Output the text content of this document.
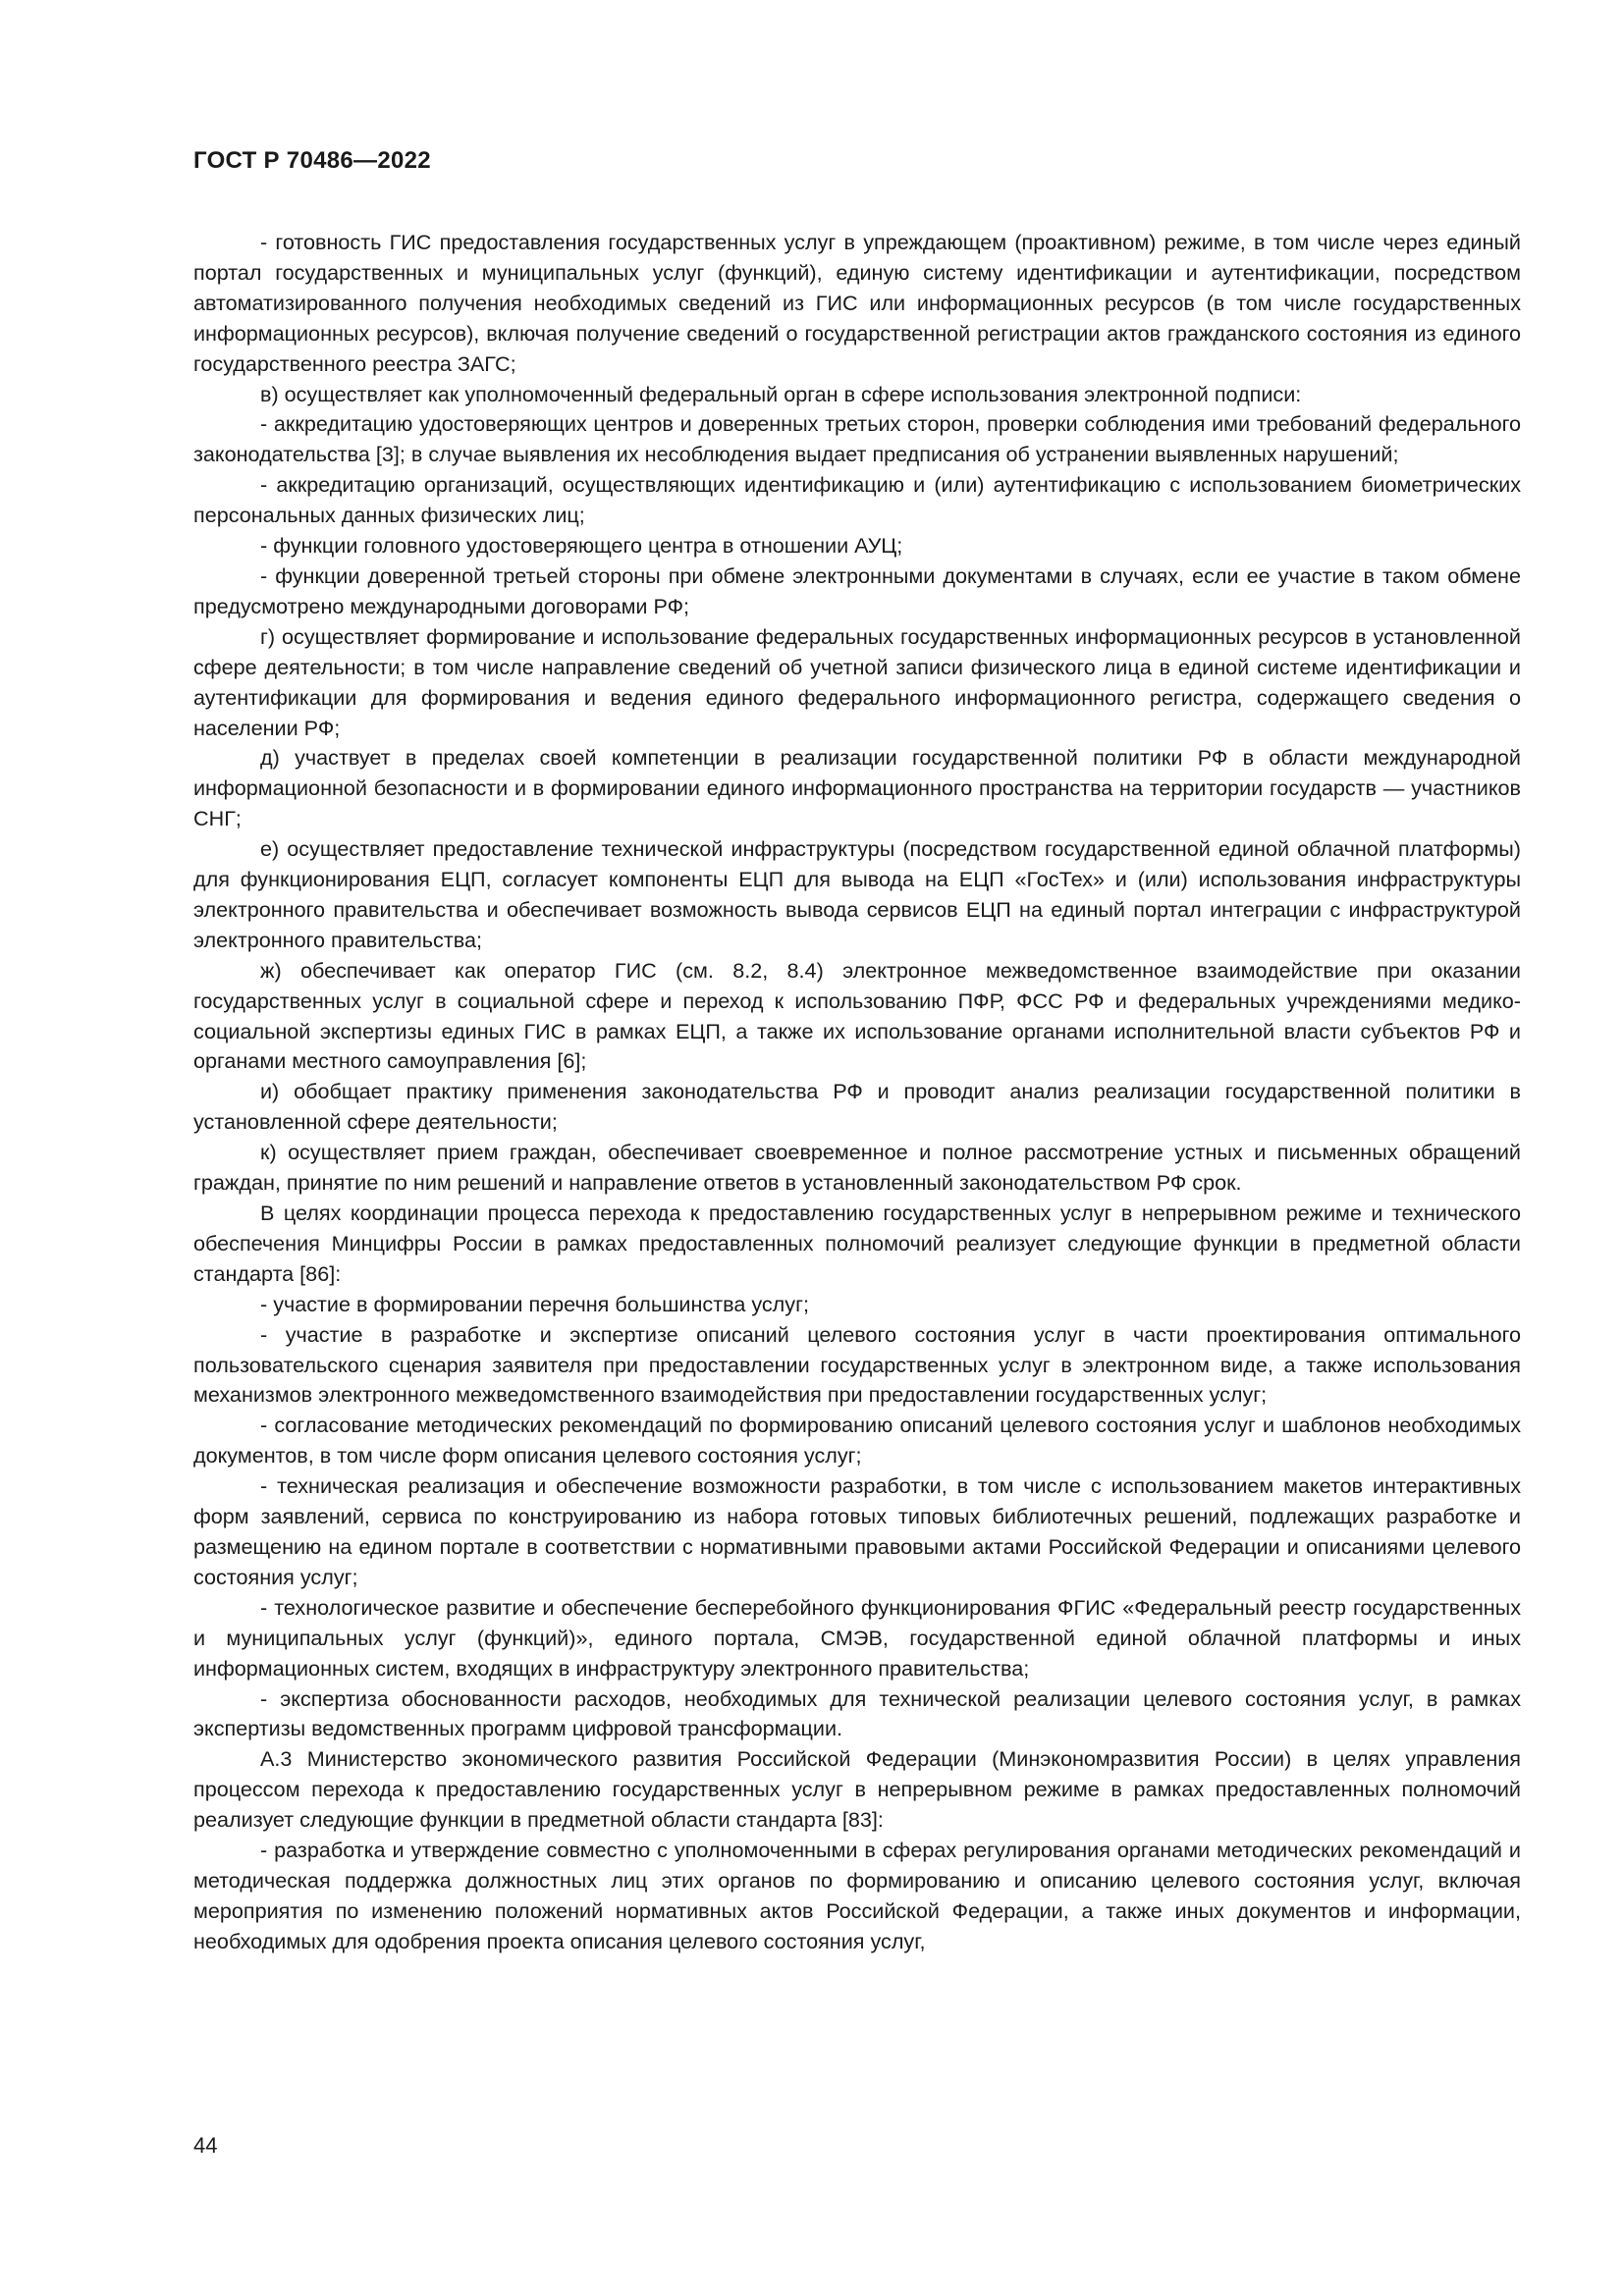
ГОСТ Р 70486—2022

- готовность ГИС предоставления государственных услуг в упреждающем (проактивном) режиме, в том числе через единый портал государственных и муниципальных услуг (функций), единую систему идентификации и аутентификации, посредством автоматизированного получения необходимых сведений из ГИС или информационных ресурсов (в том числе государственных информационных ресурсов), включая получение сведений о государственной регистрации актов гражданского состояния из единого государственного реестра ЗАГС;

в) осуществляет как уполномоченный федеральный орган в сфере использования электронной подписи:

- аккредитацию удостоверяющих центров и доверенных третьих сторон, проверки соблюдения ими требований федерального законодательства [3]; в случае выявления их несоблюдения выдает предписания об устранении выявленных нарушений;

- аккредитацию организаций, осуществляющих идентификацию и (или) аутентификацию с использованием биометрических персональных данных физических лиц;

- функции головного удостоверяющего центра в отношении АУЦ;

- функции доверенной третьей стороны при обмене электронными документами в случаях, если ее участие в таком обмене предусмотрено международными договорами РФ;

г) осуществляет формирование и использование федеральных государственных информационных ресурсов в установленной сфере деятельности; в том числе направление сведений об учетной записи физического лица в единой системе идентификации и аутентификации для формирования и ведения единого федерального информационного регистра, содержащего сведения о населении РФ;

д) участвует в пределах своей компетенции в реализации государственной политики РФ в области международной информационной безопасности и в формировании единого информационного пространства на территории государств — участников СНГ;

е) осуществляет предоставление технической инфраструктуры (посредством государственной единой облачной платформы) для функционирования ЕЦП, согласует компоненты ЕЦП для вывода на ЕЦП «ГосТех» и (или) использования инфраструктуры электронного правительства и обеспечивает возможность вывода сервисов ЕЦП на единый портал интеграции с инфраструктурой электронного правительства;

ж) обеспечивает как оператор ГИС (см. 8.2, 8.4) электронное межведомственное взаимодействие при оказании государственных услуг в социальной сфере и переход к использованию ПФР, ФСС РФ и федеральных учреждениями медико-социальной экспертизы единых ГИС в рамках ЕЦП, а также их использование органами исполнительной власти субъектов РФ и органами местного самоуправления [6];

и) обобщает практику применения законодательства РФ и проводит анализ реализации государственной политики в установленной сфере деятельности;

к) осуществляет прием граждан, обеспечивает своевременное и полное рассмотрение устных и письменных обращений граждан, принятие по ним решений и направление ответов в установленный законодательством РФ срок.

В целях координации процесса перехода к предоставлению государственных услуг в непрерывном режиме и технического обеспечения Минцифры России в рамках предоставленных полномочий реализует следующие функции в предметной области стандарта [86]:

- участие в формировании перечня большинства услуг;

- участие в разработке и экспертизе описаний целевого состояния услуг в части проектирования оптимального пользовательского сценария заявителя при предоставлении государственных услуг в электронном виде, а также использования механизмов электронного межведомственного взаимодействия при предоставлении государственных услуг;

- согласование методических рекомендаций по формированию описаний целевого состояния услуг и шаблонов необходимых документов, в том числе форм описания целевого состояния услуг;

- техническая реализация и обеспечение возможности разработки, в том числе с использованием макетов интерактивных форм заявлений, сервиса по конструированию из набора готовых типовых библиотечных решений, подлежащих разработке и размещению на едином портале в соответствии с нормативными правовыми актами Российской Федерации и описаниями целевого состояния услуг;

- технологическое развитие и обеспечение бесперебойного функционирования ФГИС «Федеральный реестр государственных и муниципальных услуг (функций)», единого портала, СМЭВ, государственной единой облачной платформы и иных информационных систем, входящих в инфраструктуру электронного правительства;

- экспертиза обоснованности расходов, необходимых для технической реализации целевого состояния услуг, в рамках экспертизы ведомственных программ цифровой трансформации.

А.3 Министерство экономического развития Российской Федерации (Минэкономразвития России) в целях управления процессом перехода к предоставлению государственных услуг в непрерывном режиме в рамках предоставленных полномочий реализует следующие функции в предметной области стандарта [83]:

- разработка и утверждение совместно с уполномоченными в сферах регулирования органами методических рекомендаций и методическая поддержка должностных лиц этих органов по формированию и описанию целевого состояния услуг, включая мероприятия по изменению положений нормативных актов Российской Федерации, а также иных документов и информации, необходимых для одобрения проекта описания целевого состояния услуг,

44
